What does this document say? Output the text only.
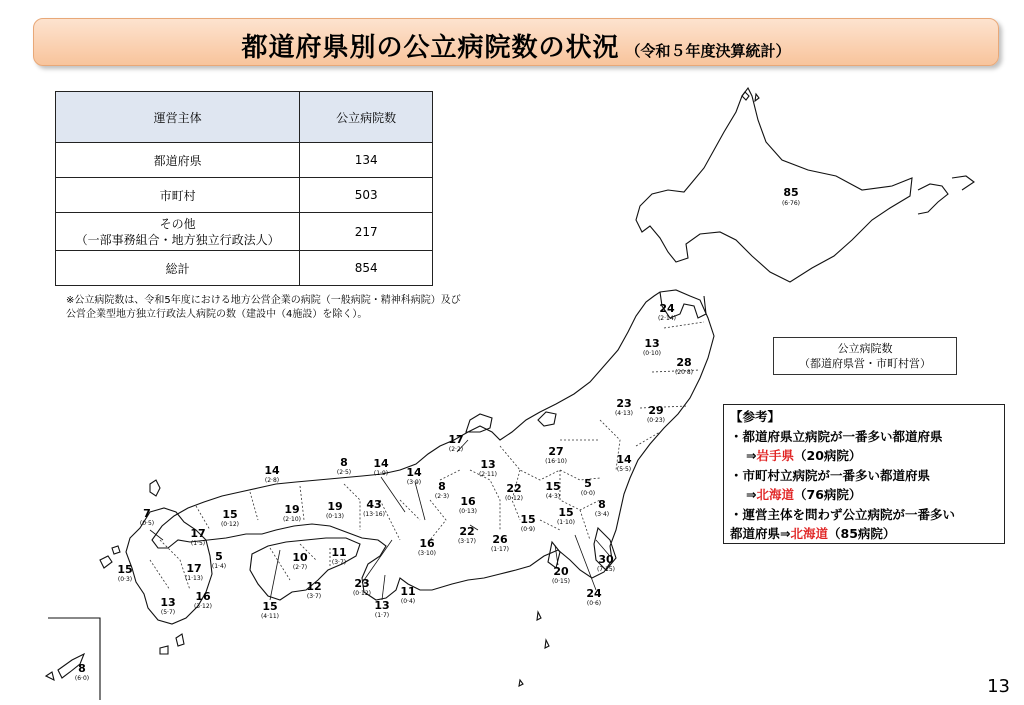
都道府県別の公立病院数の状況 （令和５年度決算統計）
運営主体	公立病院数
都道府県	134
市町村	503

その他
（一部事務組合・地方独立行政法人）	217
総計	854
※公立病院数は、令和5年度における地方公営企業の病院（一般病院・精神科病院）及び
公営企業型地方独立行政法人病院の数（建設中（4施設）を除く）。
85
(6·76)
24
(2·14)
13
(0·10)
28
(20·8)
23
(4·13) 29
(0·23)
27
(16·10)
13
(2·11)
17
(2·2)
14
(5·5)
5
(0·0)
15
(4·3)
22
(0·12)
8
(2·3) 16
(0·13)
14
(3·9)
15
(0·9)
15
(1·10)
30
(7·15)
8
(3·4)
20
(0·15)
26
(1·17)
22
(3·17)
16
(3·10)
14
(1·9)
8
(2·5)
43
(13·16)
19
(0·13)
23
(0·12)	11
(0·4)
24
(0·6)
14
(2·8)
15
(0·12)
19
(2·10)
17
(1·5)
7
(0·5)
10
(2·7)
11
(3·7)
5
(1·4)
12
(3·7)
15
(0·3)
17
(1·13)
16
(3·12)	15
(4·11)
13
(5·7)
8
(6·0)
13
(1·7)
公立病院数
（都道府県営・市町村営）
【参考】
・都道府県立病院が一番多い都道府県
⇒岩手県（20病院）
・市町村立病院が一番多い都道府県
⇒北海道（76病院）
・運営主体を問わず公立病院が一番多い
都道府県⇒北海道（85病院）
13
